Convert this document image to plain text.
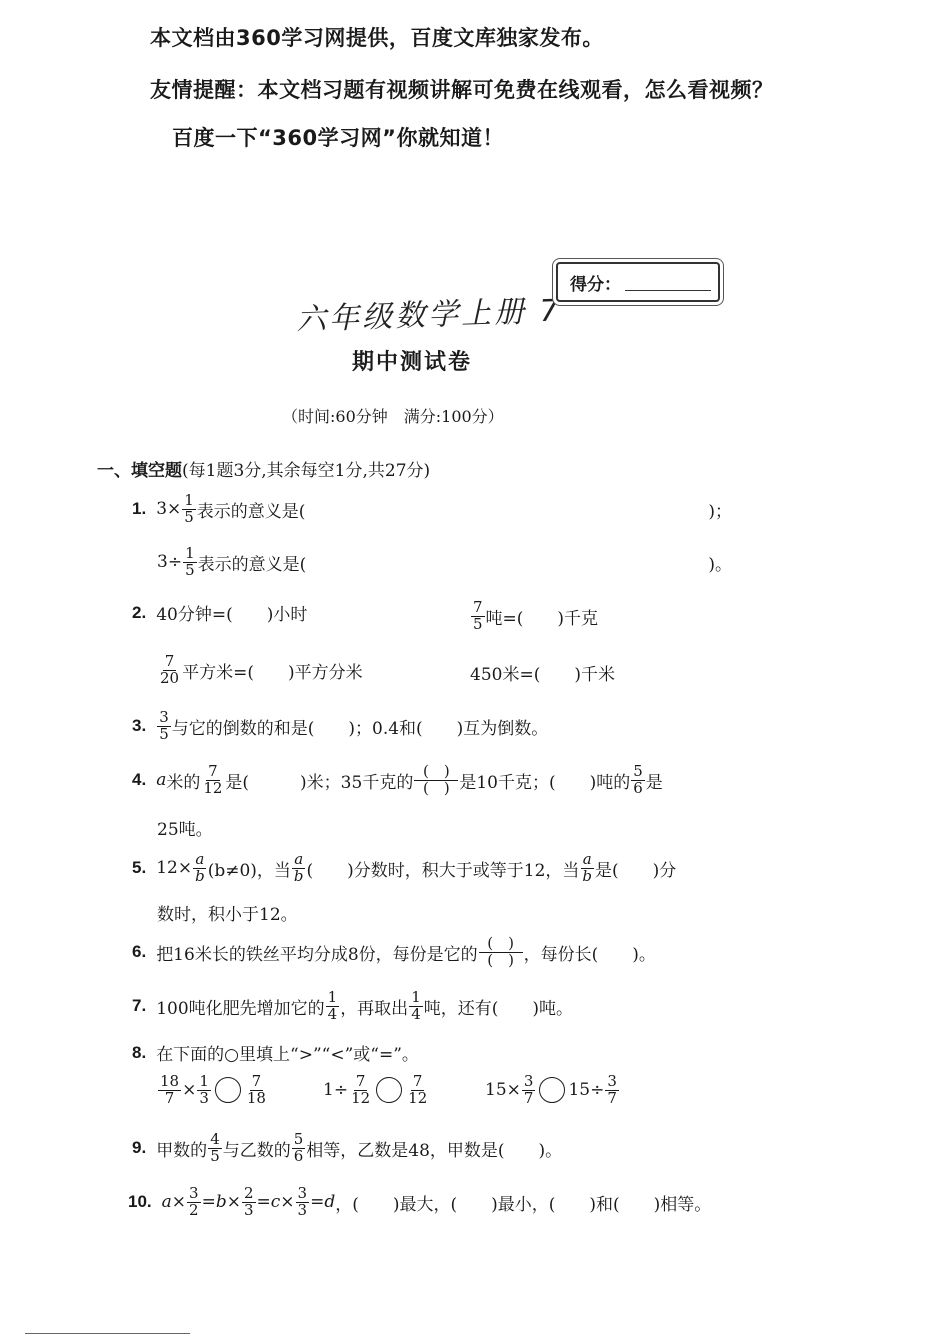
本文档由360学习网提供，百度文库独家发布。
友情提醒：本文档习题有视频讲解可免费在线观看，怎么看视频？
百度一下“360学习网”你就知道！
六年级数学上册 7
得分：
期中测试卷
（时间:60分钟　满分:100分）
一、填空题(每1题3分,其余每空1分,共27分)
1. $3\times \frac{1}{5}$ 表示的意义是(	)；
$3\div \frac{1}{5}$ 表示的意义是(	)。
2. 40分钟=(　　)小时	$\frac{7}{5}$ 吨=(　　)千克
$\frac{7}{20}$ 平方米=(　　)平方分米	450米=(　　)千米
3. $\frac{3}{5}$ 与它的倒数的和是(　　)；0.4和(　　)互为倒数。
4. a 米的 $\frac{7}{12}$ 是(　　　)米；35千克的 $\frac{( )}{( )}$ 是10千克；(　　)吨的 $\frac{5}{6}$ 是
25吨。
5. $12\times \frac{a}{b} (b\ne 0)$，当 $\frac{a}{b}$ (　　)分数时，积大于或等于12，当 $\frac{a}{b}$ 是(　　)分
数时，积小于12。
6. 把16米长的铁丝平均分成8份，每份是它的 $\frac{( )}{( )}$ ，每份长(　　)。
7. 100吨化肥先增加它的 $\frac{1}{4}$ ，再取出 $\frac{1}{4}$ 吨，还有(　　)吨。
8. 在下面的○里填上“>”“<”或“=”。
$\frac{18}{7} \times \frac{1}{3} \frac{7}{18}$	$1\div \frac{7}{12} \frac{7}{12}$	$15\times \frac{3}{7} 15\div \frac{3}{7}$
9. 甲数的 $\frac{4}{5}$ 与乙数的 $\frac{5}{6}$ 相等，乙数是48，甲数是(　　)。
10. $a \times \frac{3}{2} = b \times \frac{2}{3} = c \times \frac{3}{3} = d$ ，(　　)最大，(　　)最小，(　　)和(　　)相等。
